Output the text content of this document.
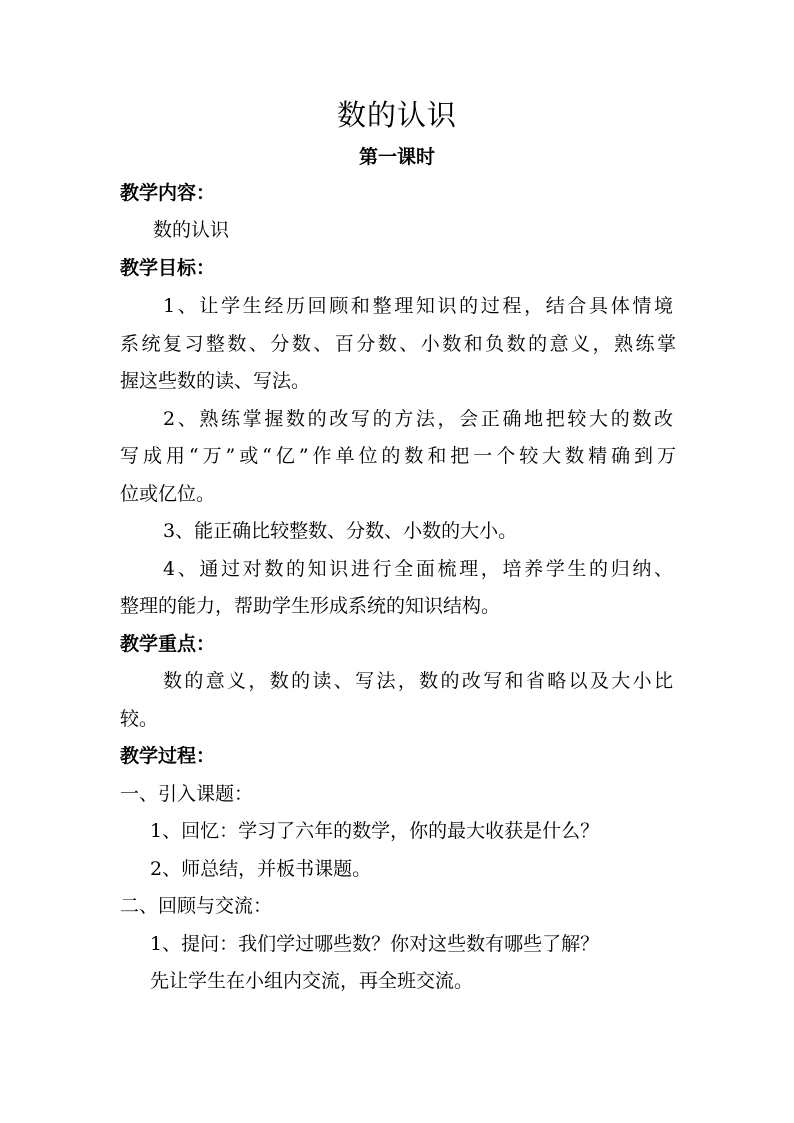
数的认识
第一课时
教学内容：
数的认识
教学目标：
1、让学生经历回顾和整理知识的过程，结合具体情境
系统复习整数、分数、百分数、小数和负数的意义，熟练掌
握这些数的读、写法。
2、熟练掌握数的改写的方法，会正确地把较大的数改
写成用“万”或“亿”作单位的数和把一个较大数精确到万
位或亿位。
3、能正确比较整数、分数、小数的大小。
4、通过对数的知识进行全面梳理，培养学生的归纳、
整理的能力，帮助学生形成系统的知识结构。
教学重点：
数的意义，数的读、写法，数的改写和省略以及大小比
较。
教学过程：
一、引入课题：
1、回忆：学习了六年的数学，你的最大收获是什么？
2、师总结，并板书课题。
二、回顾与交流：
1、提问：我们学过哪些数？你对这些数有哪些了解？
先让学生在小组内交流，再全班交流。
